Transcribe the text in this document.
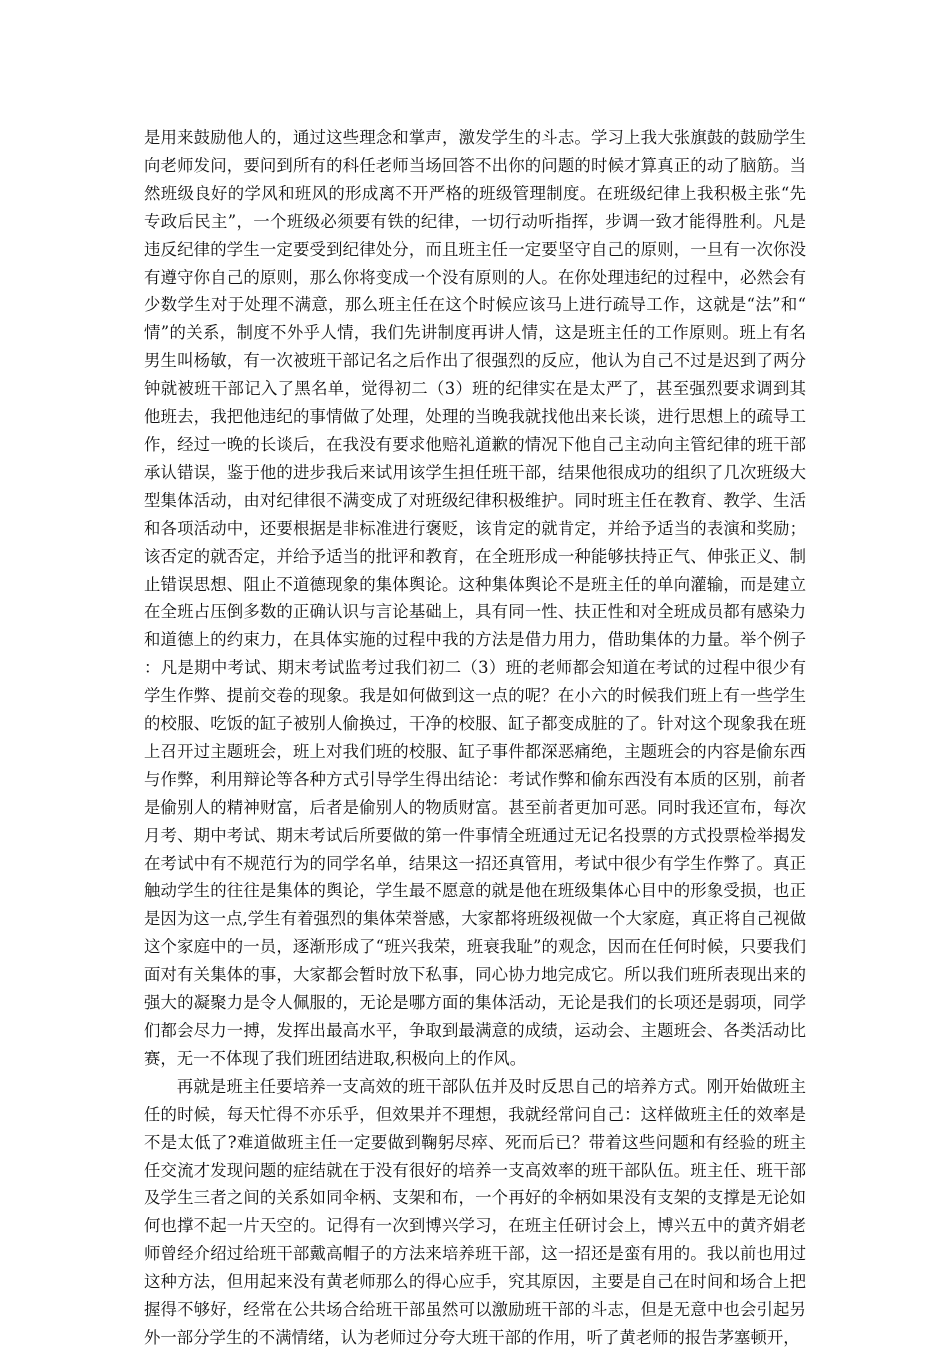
是用来鼓励他人的，通过这些理念和掌声，激发学生的斗志。学习上我大张旗鼓的鼓励学生向老师发问，要问到所有的科任老师当场回答不出你的问题的时候才算真正的动了脑筋。当然班级良好的学风和班风的形成离不开严格的班级管理制度。在班级纪律上我积极主张“先专政后民主”，一个班级必须要有铁的纪律，一切行动听指挥，步调一致才能得胜利。凡是违反纪律的学生一定要受到纪律处分，而且班主任一定要坚守自己的原则，一旦有一次你没有遵守你自己的原则，那么你将变成一个没有原则的人。在你处理违纪的过程中，必然会有少数学生对于处理不满意，那么班主任在这个时候应该马上进行疏导工作，这就是“法”和“情”的关系，制度不外乎人情，我们先讲制度再讲人情，这是班主任的工作原则。班上有名男生叫杨敏，有一次被班干部记名之后作出了很强烈的反应，他认为自己不过是迟到了两分钟就被班干部记入了黑名单，觉得初二（3）班的纪律实在是太严了，甚至强烈要求调到其他班去，我把他违纪的事情做了处理，处理的当晚我就找他出来长谈，进行思想上的疏导工作，经过一晚的长谈后，在我没有要求他赔礼道歉的情况下他自己主动向主管纪律的班干部承认错误，鉴于他的进步我后来试用该学生担任班干部，结果他很成功的组织了几次班级大型集体活动，由对纪律很不满变成了对班级纪律积极维护。同时班主任在教育、教学、生活和各项活动中，还要根据是非标准进行褒贬，该肯定的就肯定，并给予适当的表演和奖励；该否定的就否定，并给予适当的批评和教育，在全班形成一种能够扶持正气、伸张正义、制止错误思想、阻止不道德现象的集体舆论。这种集体舆论不是班主任的单向灌输，而是建立在全班占压倒多数的正确认识与言论基础上，具有同一性、扶正性和对全班成员都有感染力和道德上的约束力，在具体实施的过程中我的方法是借力用力，借助集体的力量。举个例子：凡是期中考试、期末考试监考过我们初二（3）班的老师都会知道在考试的过程中很少有学生作弊、提前交卷的现象。我是如何做到这一点的呢？在小六的时候我们班上有一些学生的校服、吃饭的缸子被别人偷换过，干净的校服、缸子都变成脏的了。针对这个现象我在班上召开过主题班会，班上对我们班的校服、缸子事件都深恶痛绝，主题班会的内容是偷东西与作弊，利用辩论等各种方式引导学生得出结论：考试作弊和偷东西没有本质的区别，前者是偷别人的精神财富，后者是偷别人的物质财富。甚至前者更加可恶。同时我还宣布，每次月考、期中考试、期末考试后所要做的第一件事情全班通过无记名投票的方式投票检举揭发在考试中有不规范行为的同学名单，结果这一招还真管用，考试中很少有学生作弊了。真正触动学生的往往是集体的舆论，学生最不愿意的就是他在班级集体心目中的形象受损，也正是因为这一点,学生有着强烈的集体荣誉感，大家都将班级视做一个大家庭，真正将自己视做这个家庭中的一员，逐渐形成了“班兴我荣，班衰我耻”的观念，因而在任何时候，只要我们面对有关集体的事，大家都会暂时放下私事，同心协力地完成它。所以我们班所表现出来的强大的凝聚力是令人佩服的，无论是哪方面的集体活动，无论是我们的长项还是弱项，同学们都会尽力一搏，发挥出最高水平，争取到最满意的成绩，运动会、主题班会、各类活动比赛，无一不体现了我们班团结进取,积极向上的作风。

再就是班主任要培养一支高效的班干部队伍并及时反思自己的培养方式。刚开始做班主任的时候，每天忙得不亦乐乎，但效果并不理想，我就经常问自己：这样做班主任的效率是不是太低了?难道做班主任一定要做到鞠躬尽瘁、死而后已？带着这些问题和有经验的班主任交流才发现问题的症结就在于没有很好的培养一支高效率的班干部队伍。班主任、班干部及学生三者之间的关系如同伞柄、支架和布，一个再好的伞柄如果没有支架的支撑是无论如何也撑不起一片天空的。记得有一次到博兴学习，在班主任研讨会上，博兴五中的黄齐娟老师曾经介绍过给班干部戴高帽子的方法来培养班干部，这一招还是蛮有用的。我以前也用过这种方法，但用起来没有黄老师那么的得心应手，究其原因，主要是自己在时间和场合上把握得不够好，经常在公共场合给班干部虽然可以激励班干部的斗志，但是无意中也会引起另外一部分学生的不满情绪，认为老师过分夸大班干部的作用，听了黄老师的报告茅塞顿开，
